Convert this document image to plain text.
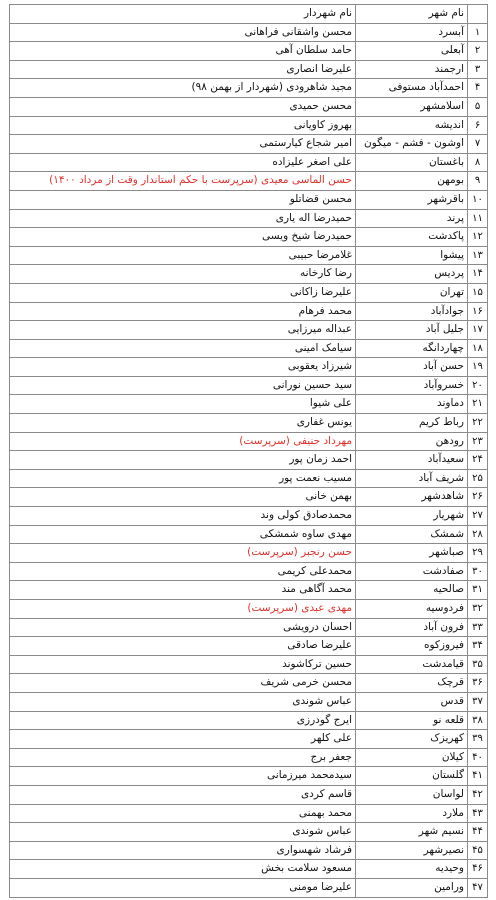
	نام شهر	نام شهردار
۱	آبسرد	محسن واشقانی فراهانی
۲	آبعلی	حامد سلطان آهی
۳	ارجمند	علیرضا انصاری
۴	احمدآباد مستوفی	مجید شاهرودی (شهردار از بهمن ۹۸)
۵	اسلامشهر	محسن حمیدی
۶	اندیشه	بهروز کاویانی
۷	اوشون - فشم - میگون	امیر شجاع کیارستمی
۸	باغستان	علی اصغر علیزاده
۹	بومهن	حسن الماسی معیدی (سرپرست با حکم استاندار وقت از مرداد ۱۴۰۰)
۱۰	باقرشهر	محسن قضاتلو
۱۱	پرند	حمیدرضا اله یاری
۱۲	پاکدشت	حمیدرضا شیخ ویسی
۱۳	پیشوا	غلامرضا حبیبی
۱۴	پردیس	رضا کارخانه
۱۵	تهران	علیرضا زاکانی
۱۶	جوادآباد	محمد فرهام
۱۷	جلیل آباد	عبداله میرزایی
۱۸	چهاردانگه	سیامک امینی
۱۹	حسن آباد	شیرزاد یعقوبی
۲۰	خسروآباد	سید حسین نورانی
۲۱	دماوند	علی شیوا
۲۲	رباط کریم	یونس غفاری
۲۳	رودهن	مهرداد حنیفی (سرپرست)
۲۴	سعیدآباد	احمد زمان پور
۲۵	شریف آباد	مسیب نعمت پور
۲۶	شاهدشهر	بهمن خانی
۲۷	شهریار	محمدصادق کولی وند
۲۸	شمشک	مهدی ساوه شمشکی
۲۹	صباشهر	حسن رنجبر (سرپرست)
۳۰	صفادشت	محمدعلی کریمی
۳۱	صالحیه	محمد آگاهی مند
۳۲	فردوسیه	مهدی عبدی (سرپرست)
۳۳	فرون آباد	احسان درویشی
۳۴	فیروزکوه	علیرضا صادقی
۳۵	قیامدشت	حسین ترکاشوند
۳۶	قرچک	محسن خرمی شریف
۳۷	قدس	عباس شوندی
۳۸	قلعه نو	ایرج گودرزی
۳۹	کهریزک	علی کلهر
۴۰	کیلان	جعفر برج
۴۱	گلستان	سیدمحمد میرزمانی
۴۲	لواسان	قاسم کردی
۴۳	ملارد	محمد بهمنی
۴۴	نسیم شهر	عباس شوندی
۴۵	نصیرشهر	فرشاد شهسواری
۴۶	وحیدیه	مسعود سلامت بخش
۴۷	ورامین	علیرضا مومنی
